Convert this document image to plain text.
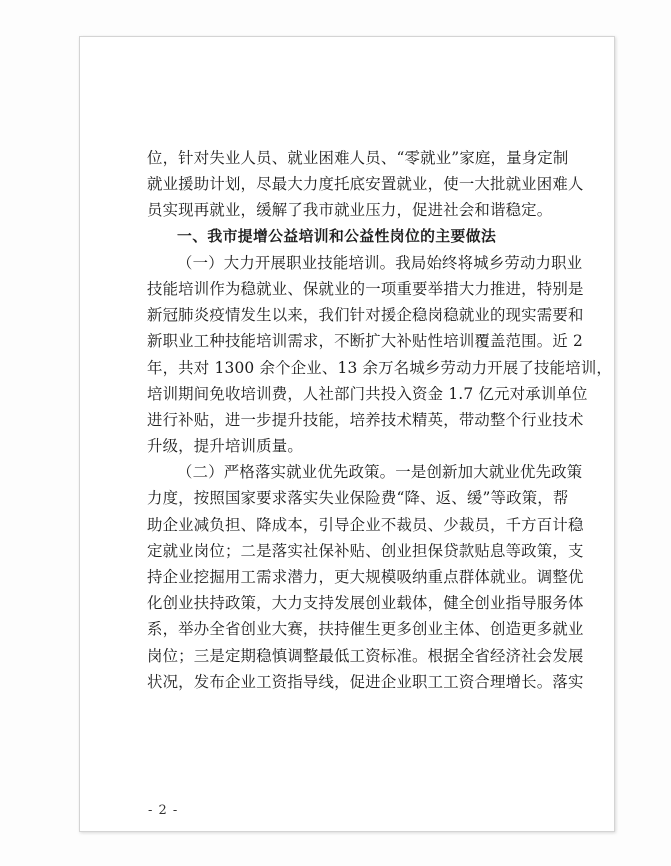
位，针对失业人员、就业困难人员、“零就业”家庭，量身定制
就业援助计划，尽最大力度托底安置就业，使一大批就业困难人
员实现再就业，缓解了我市就业压力，促进社会和谐稳定。
一、我市提增公益培训和公益性岗位的主要做法
（一）大力开展职业技能培训。我局始终将城乡劳动力职业
技能培训作为稳就业、保就业的一项重要举措大力推进，特别是
新冠肺炎疫情发生以来，我们针对援企稳岗稳就业的现实需要和
新职业工种技能培训需求，不断扩大补贴性培训覆盖范围。近 2
年，共对 1300 余个企业、13 余万名城乡劳动力开展了技能培训，
培训期间免收培训费，人社部门共投入资金 1.7 亿元对承训单位
进行补贴，进一步提升技能，培养技术精英，带动整个行业技术
升级，提升培训质量。
（二）严格落实就业优先政策。一是创新加大就业优先政策
力度，按照国家要求落实失业保险费“降、返、缓”等政策，帮
助企业减负担、降成本，引导企业不裁员、少裁员，千方百计稳
定就业岗位；二是落实社保补贴、创业担保贷款贴息等政策，支
持企业挖掘用工需求潜力，更大规模吸纳重点群体就业。调整优
化创业扶持政策，大力支持发展创业载体，健全创业指导服务体
系，举办全省创业大赛，扶持催生更多创业主体、创造更多就业
岗位；三是定期稳慎调整最低工资标准。根据全省经济社会发展
状况，发布企业工资指导线，促进企业职工工资合理增长。落实
- 2 -
